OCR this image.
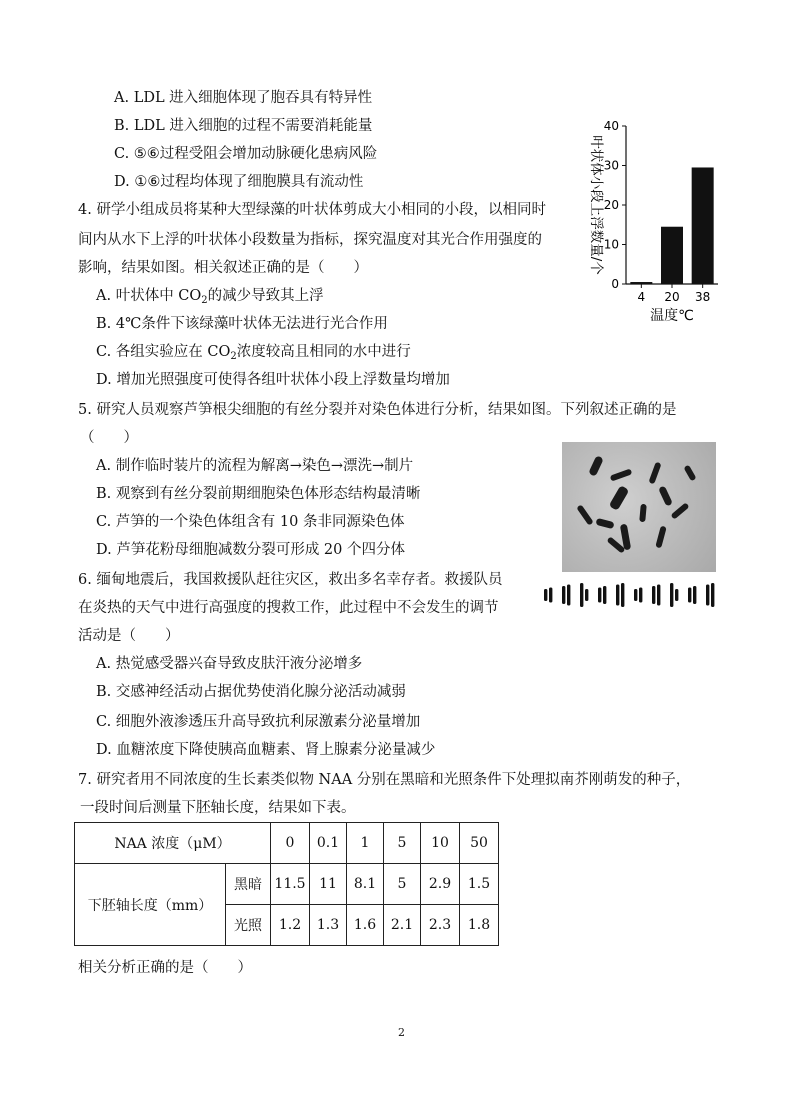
A. LDL 进入细胞体现了胞吞具有特异性
B. LDL 进入细胞的过程不需要消耗能量
C. ⑤⑥过程受阻会增加动脉硬化患病风险
D. ①⑥过程均体现了细胞膜具有流动性
4. 研学小组成员将某种大型绿藻的叶状体剪成大小相同的小段，以相同时
间内从水下上浮的叶状体小段数量为指标，探究温度对其光合作用强度的
影响，结果如图。相关叙述正确的是（　　）
A. 叶状体中 $CO_2$的减少导致其上浮
B. 4℃条件下该绿藻叶状体无法进行光合作用
C. 各组实验应在 $CO_2$浓度较高且相同的水中进行
D. 增加光照强度可使得各组叶状体小段上浮数量均增加
0
10
20
30
40
4 20 38
温度℃
叶状体小段上浮数量/个
5. 研究人员观察芦笋根尖细胞的有丝分裂并对染色体进行分析，结果如图。下列叙述正确的是
（　　）
A. 制作临时装片的流程为解离→染色→漂洗→制片
B. 观察到有丝分裂前期细胞染色体形态结构最清晰
C. 芦笋的一个染色体组含有 10 条非同源染色体
D. 芦笋花粉母细胞减数分裂可形成 20 个四分体
6. 缅甸地震后，我国救援队赶往灾区，救出多名幸存者。救援队员
在炎热的天气中进行高强度的搜救工作，此过程中不会发生的调节
活动是（　　）
A. 热觉感受器兴奋导致皮肤汗液分泌增多
B. 交感神经活动占据优势使消化腺分泌活动减弱
C. 细胞外液渗透压升高导致抗利尿激素分泌量增加
D. 血糖浓度下降使胰高血糖素、肾上腺素分泌量减少
7. 研究者用不同浓度的生长素类似物 NAA 分别在黑暗和光照条件下处理拟南芥刚萌发的种子，
一段时间后测量下胚轴长度，结果如下表。
NAA 浓度（μM）		0	0.1	1	5	10	50
下胚轴长度（mm）	黑暗	11.5	11	8.1	5	2.9	1.5
	光照	1.2	1.3	1.6	2.1	2.3	1.8
相关分析正确的是（　　）
2
